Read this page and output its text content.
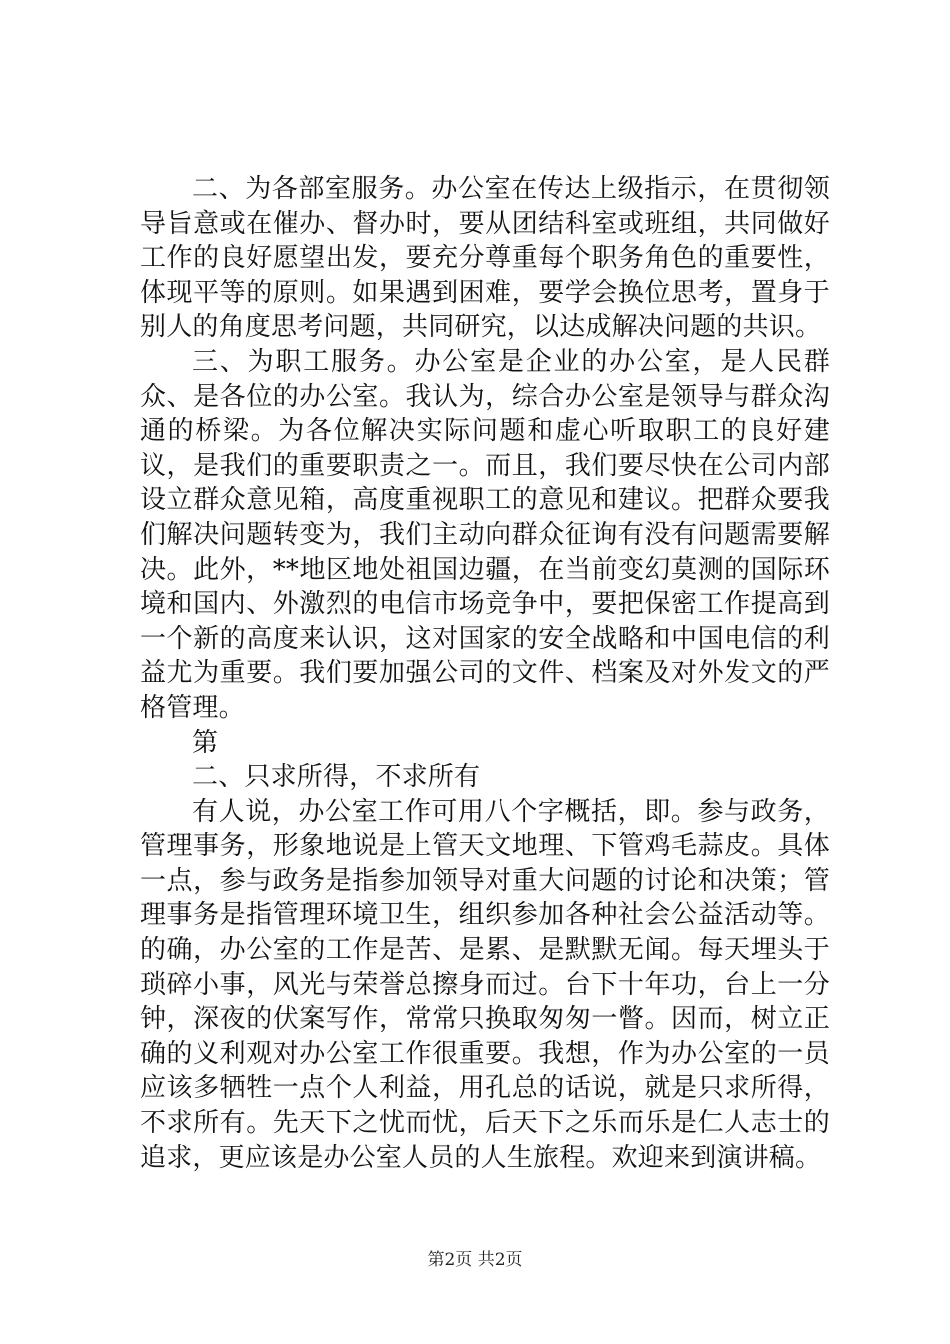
二、为各部室服务。办公室在传达上级指示，在贯彻领导旨意或在催办、督办时，要从团结科室或班组，共同做好工作的良好愿望出发，要充分尊重每个职务角色的重要性，体现平等的原则。如果遇到困难，要学会换位思考，置身于别人的角度思考问题，共同研究，以达成解决问题的共识。

三、为职工服务。办公室是企业的办公室，是人民群众、是各位的办公室。我认为，综合办公室是领导与群众沟通的桥梁。为各位解决实际问题和虚心听取职工的良好建议，是我们的重要职责之一。而且，我们要尽快在公司内部设立群众意见箱，高度重视职工的意见和建议。把群众要我们解决问题转变为，我们主动向群众征询有没有问题需要解决。此外，**地区地处祖国边疆，在当前变幻莫测的国际环境和国内、外激烈的电信市场竞争中，要把保密工作提高到一个新的高度来认识，这对国家的安全战略和中国电信的利益尤为重要。我们要加强公司的文件、档案及对外发文的严格管理。

第

二、只求所得，不求所有

有人说，办公室工作可用八个字概括，即。参与政务，管理事务，形象地说是上管天文地理、下管鸡毛蒜皮。具体一点，参与政务是指参加领导对重大问题的讨论和决策；管理事务是指管理环境卫生，组织参加各种社会公益活动等。的确，办公室的工作是苦、是累、是默默无闻。每天埋头于琐碎小事，风光与荣誉总擦身而过。台下十年功，台上一分钟，深夜的伏案写作，常常只换取匆匆一瞥。因而，树立正确的义利观对办公室工作很重要。我想，作为办公室的一员应该多牺牲一点个人利益，用孔总的话说，就是只求所得，不求所有。先天下之忧而忧，后天下之乐而乐是仁人志士的追求，更应该是办公室人员的人生旅程。欢迎来到演讲稿。

第2页 共2页
